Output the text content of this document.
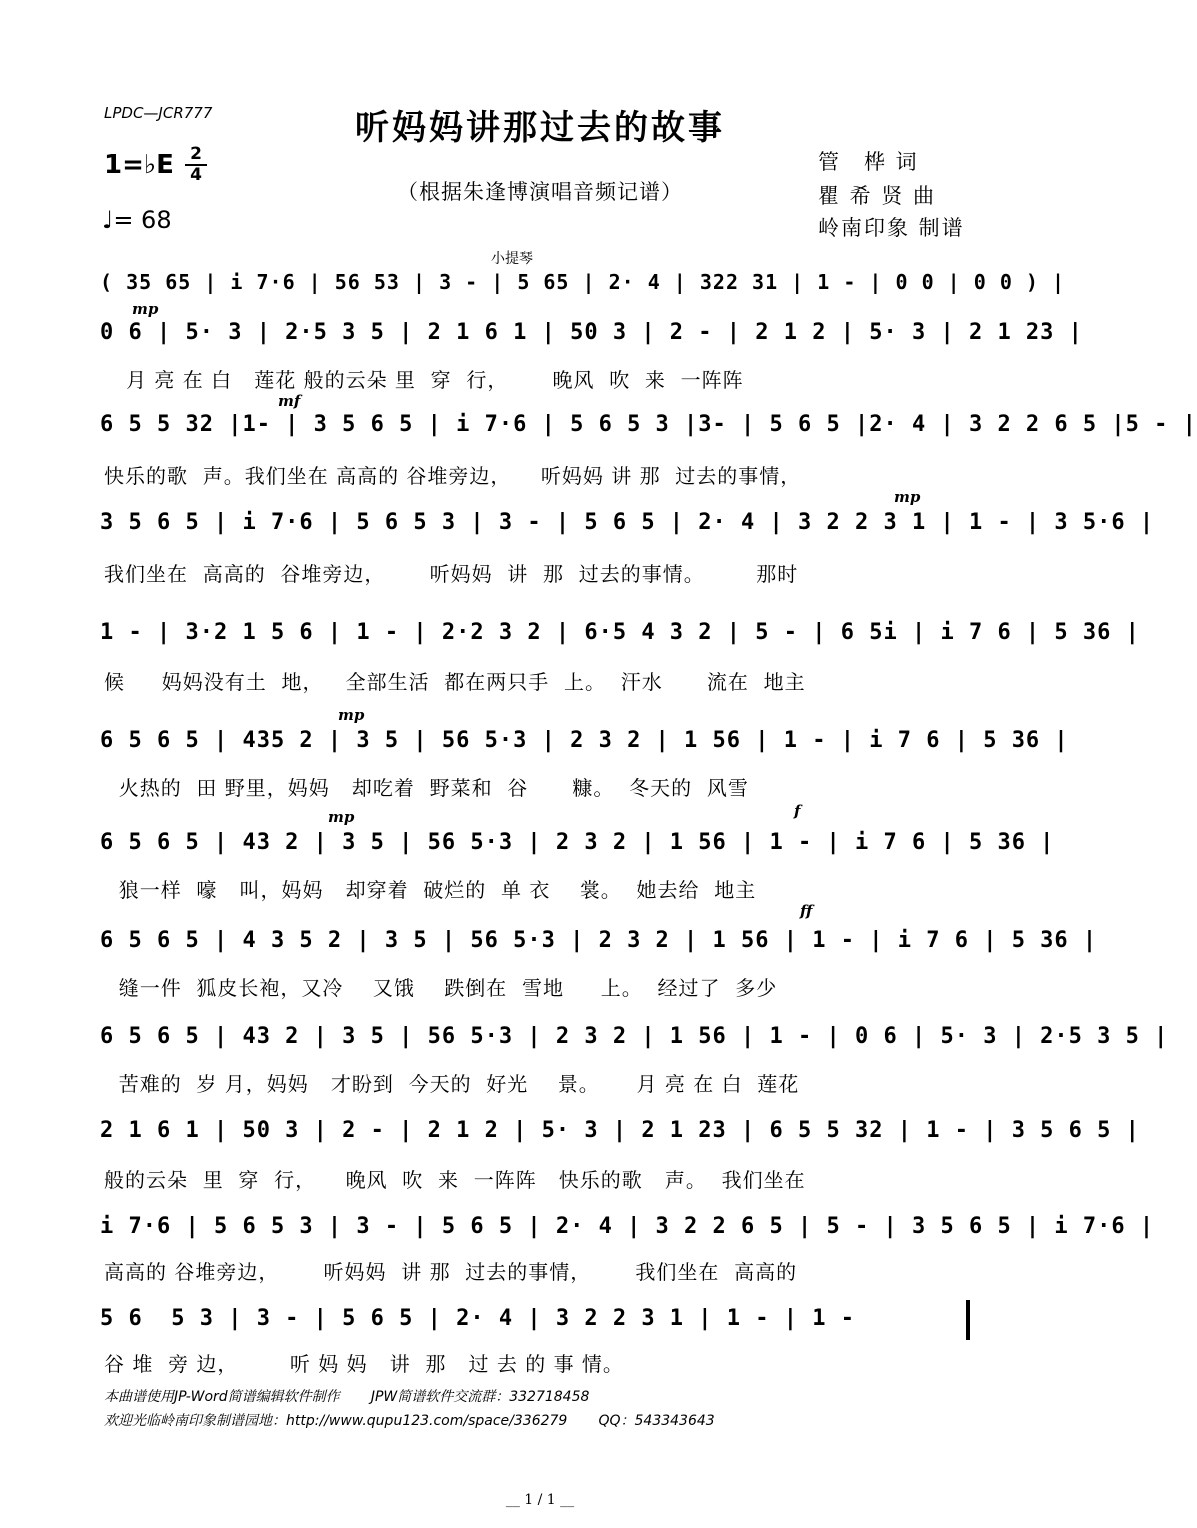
LPDC—JCR777	听妈妈讲那过去的故事
（根据朱逢博演唱音频记谱）
1=♭E 2
4
♩= 68
管　桦 词
瞿 希 贤 曲
岭南印象 制谱
小提琴
mp
mf
mp
mp
mp	f
ff
( 35 65 | i 7·6 | 56 53 | 3 - | 5 65 | 2· 4 | 322 31 | 1 - | 0 0 | 0 0 ) |
0 6 | 5· 3 | 2·5 3 5 | 2 1 6 1 | 50 3 | 2 - | 2 1 2 | 5· 3 | 2 1 23 |
月 亮 在 白   莲花 般的云朵 里  穿  行，      晚风  吹  来  一阵阵
6 5 5 32 |1- | 3 5 6 5 | i 7·6 | 5 6 5 3 |3- | 5 6 5 |2· 4 | 3 2 2 6 5 |5 - |
快乐的歌  声。我们坐在 高高的 谷堆旁边，    听妈妈 讲 那  过去的事情，
3 5 6 5 | i 7·6 | 5 6 5 3 | 3 - | 5 6 5 | 2· 4 | 3 2 2 3 1 | 1 - | 3 5·6 |
我们坐在  高高的  谷堆旁边，      听妈妈  讲  那  过去的事情。       那时
1 - | 3·2 1 5 6 | 1 - | 2·2 3 2 | 6·5 4 3 2 | 5 - | 6 5i | i 7 6 | 5 36 |
候     妈妈没有土  地，   全部生活  都在两只手  上。  汗水      流在  地主
6 5 6 5 | 435 2 | 3 5 | 56 5·3 | 2 3 2 | 1 56 | 1 - | i 7 6 | 5 36 |
火热的  田 野里，妈妈   却吃着  野菜和  谷      糠。  冬天的  风雪
6 5 6 5 | 43 2 | 3 5 | 56 5·3 | 2 3 2 | 1 56 | 1 - | i 7 6 | 5 36 |
狼一样  嚎   叫，妈妈   却穿着  破烂的  单 衣    裳。  她去给  地主
6 5 6 5 | 4 3 5 2 | 3 5 | 56 5·3 | 2 3 2 | 1 56 | 1 - | i 7 6 | 5 36 |
缝一件  狐皮长袍，又冷    又饿    跌倒在  雪地     上。  经过了  多少
6 5 6 5 | 43 2 | 3 5 | 56 5·3 | 2 3 2 | 1 56 | 1 - | 0 6 | 5· 3 | 2·5 3 5 |
苦难的  岁 月，妈妈   才盼到  今天的  好光    景。     月 亮 在 白  莲花
2 1 6 1 | 50 3 | 2 - | 2 1 2 | 5· 3 | 2 1 23 | 6 5 5 32 | 1 - | 3 5 6 5 |
般的云朵  里  穿  行，    晚风  吹  来  一阵阵   快乐的歌   声。  我们坐在
i 7·6 | 5 6 5 3 | 3 - | 5 6 5 | 2· 4 | 3 2 2 6 5 | 5 - | 3 5 6 5 | i 7·6 |
高高的 谷堆旁边，      听妈妈  讲 那  过去的事情，      我们坐在  高高的
5 6  5 3 | 3 - | 5 6 5 | 2· 4 | 3 2 2 3 1 | 1 - | 1 -
谷 堆  旁 边，       听 妈 妈   讲  那   过 去 的 事 情。
本曲谱使用JP-Word简谱编辑软件制作       JPW简谱软件交流群：332718458
欢迎光临岭南印象制谱园地：http://www.qupu123.com/space/336279       QQ：543343643
__ 1 / 1 __
